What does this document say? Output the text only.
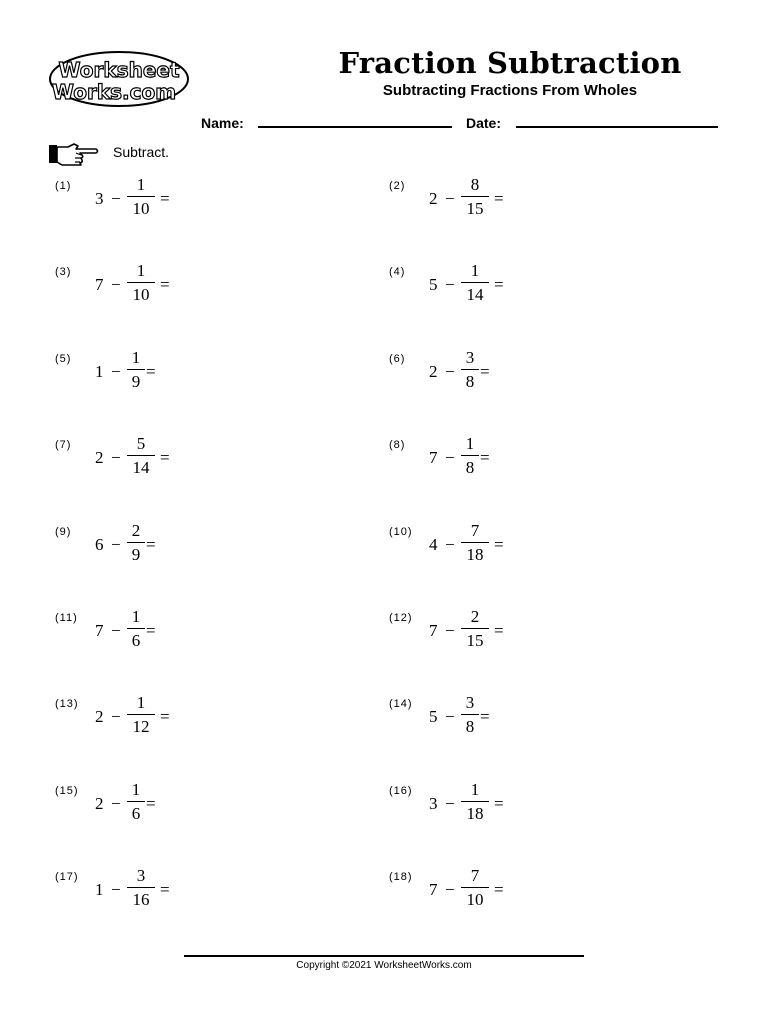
Worksheet
Works.com
Fraction Subtraction
Subtracting Fractions From Wholes
Name:	Date:
Subtract.
(1)
3 −
1
10
=
(2)
2 −
8
15
=
(3)
7 −
1
10
=
(4)
5 −
1
14
=
(5)
1 −
1
9
=
(6)
2 −
3
8
=
(7)
2 −
5
14
=
(8)
7 −
1
8
=
(9)
6 −
2
9
=
(10)
4 −
7
18
=
(11)
7 −
1
6
=
(12)
7 −
2
15
=
(13)
2 −
1
12
=
(14)
5 −
3
8
=
(15)
2 −
1
6
=
(16)
3 −
1
18
=
(17)
1 −
3
16
=
(18)
7 −
7
10
=
Copyright ©2021 WorksheetWorks.com
